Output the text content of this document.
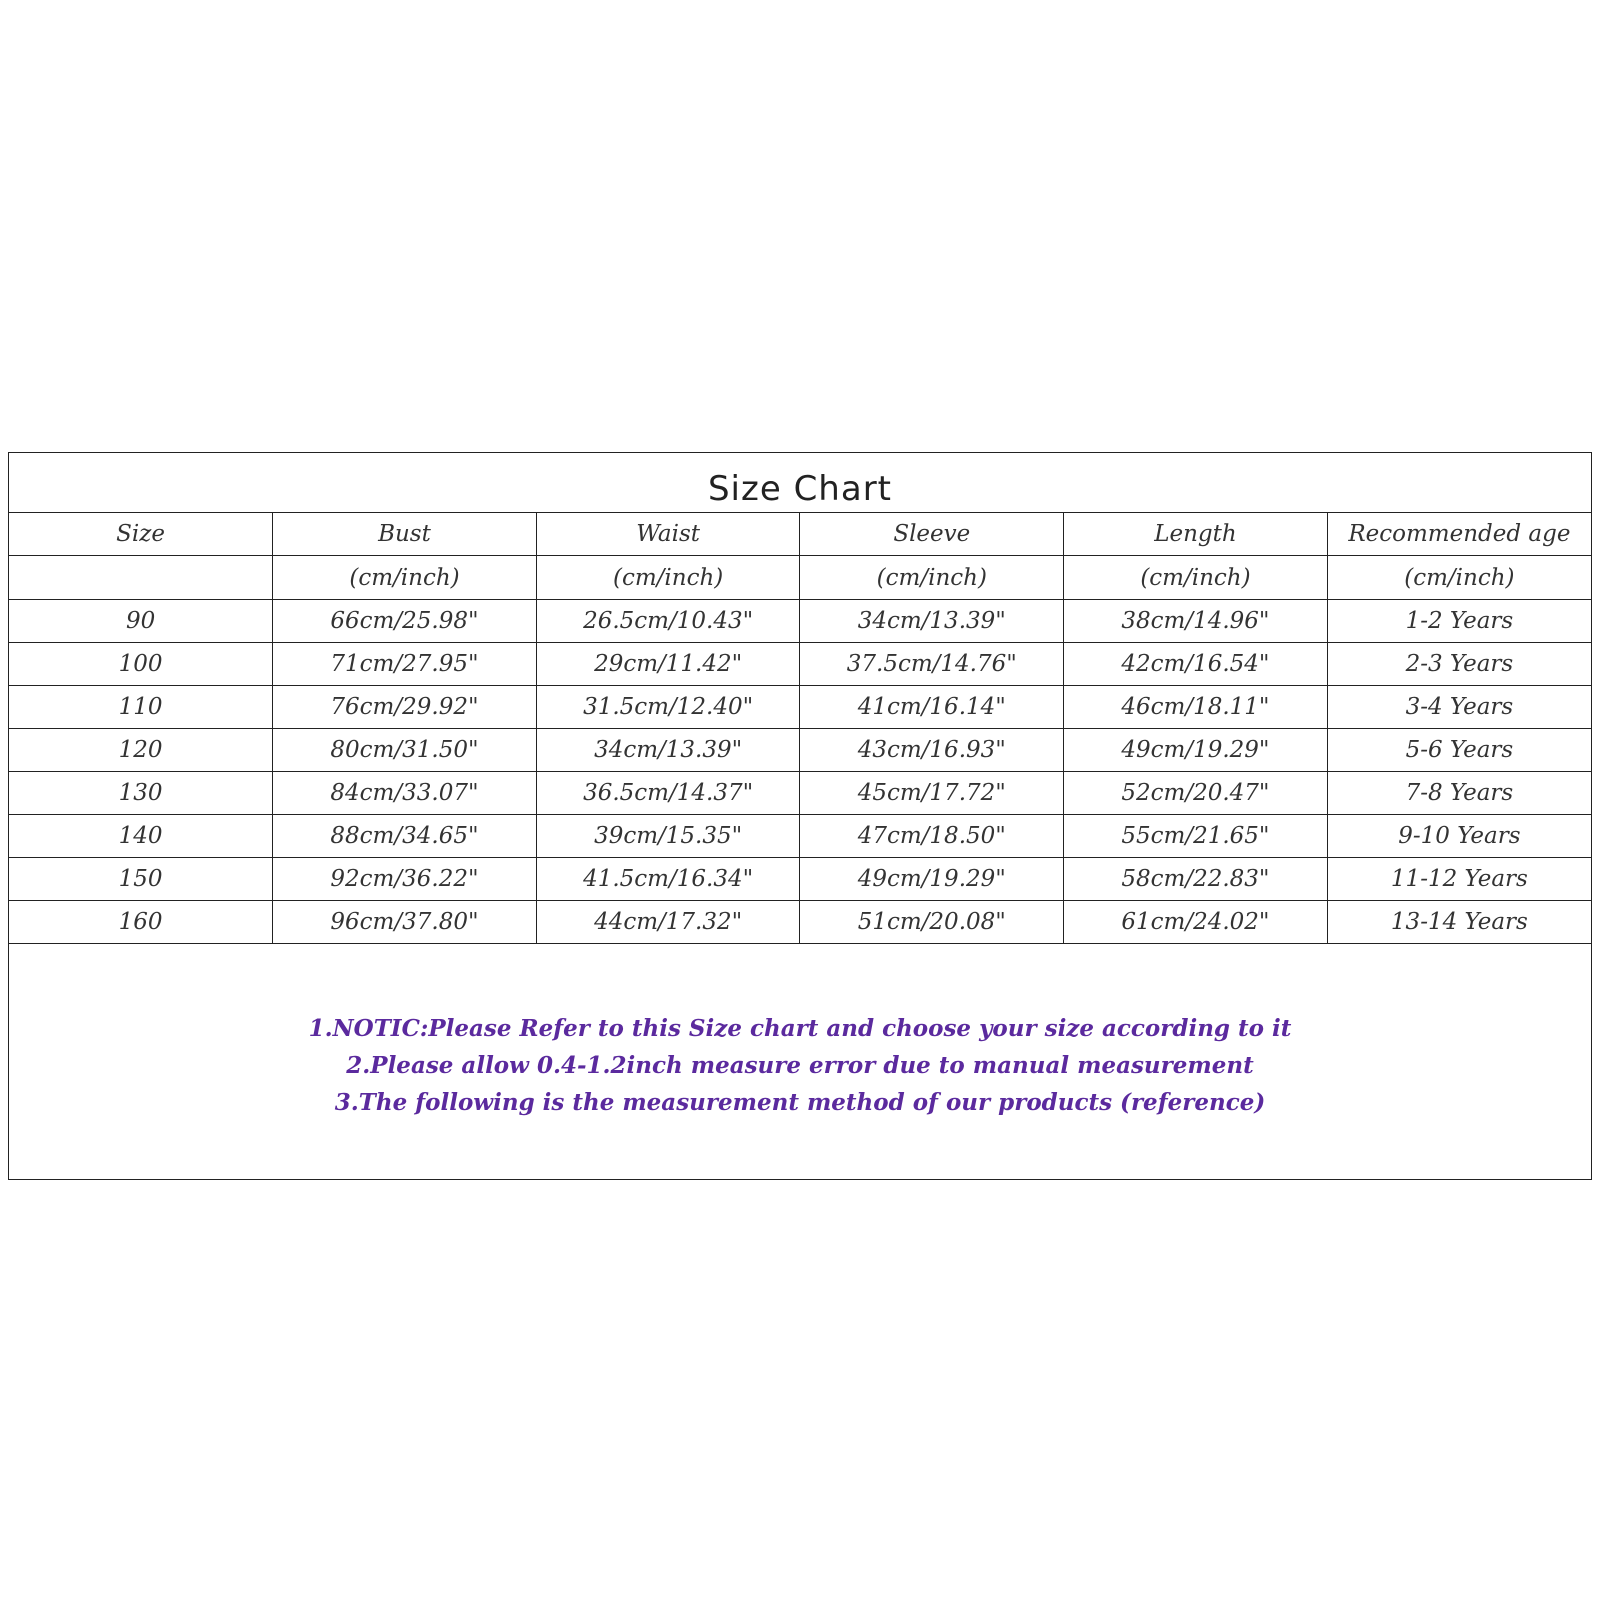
Size Chart
Size	Bust	Waist	Sleeve	Length	Recommended age
	(cm/inch)	(cm/inch)	(cm/inch)	(cm/inch)	(cm/inch)
90	66cm/25.98"	26.5cm/10.43"	34cm/13.39"	38cm/14.96"	1-2 Years
100	71cm/27.95"	29cm/11.42"	37.5cm/14.76"	42cm/16.54"	2-3 Years
110	76cm/29.92"	31.5cm/12.40"	41cm/16.14"	46cm/18.11"	3-4 Years
120	80cm/31.50"	34cm/13.39"	43cm/16.93"	49cm/19.29"	5-6 Years
130	84cm/33.07"	36.5cm/14.37"	45cm/17.72"	52cm/20.47"	7-8 Years
140	88cm/34.65"	39cm/15.35"	47cm/18.50"	55cm/21.65"	9-10 Years
150	92cm/36.22"	41.5cm/16.34"	49cm/19.29"	58cm/22.83"	11-12 Years
160	96cm/37.80"	44cm/17.32"	51cm/20.08"	61cm/24.02"	13-14 Years
1.NOTIC:Please Refer to this Size chart and choose your size according to it
2.Please allow 0.4-1.2inch measure error due to manual measurement
3.The following is the measurement method of our products (reference)
